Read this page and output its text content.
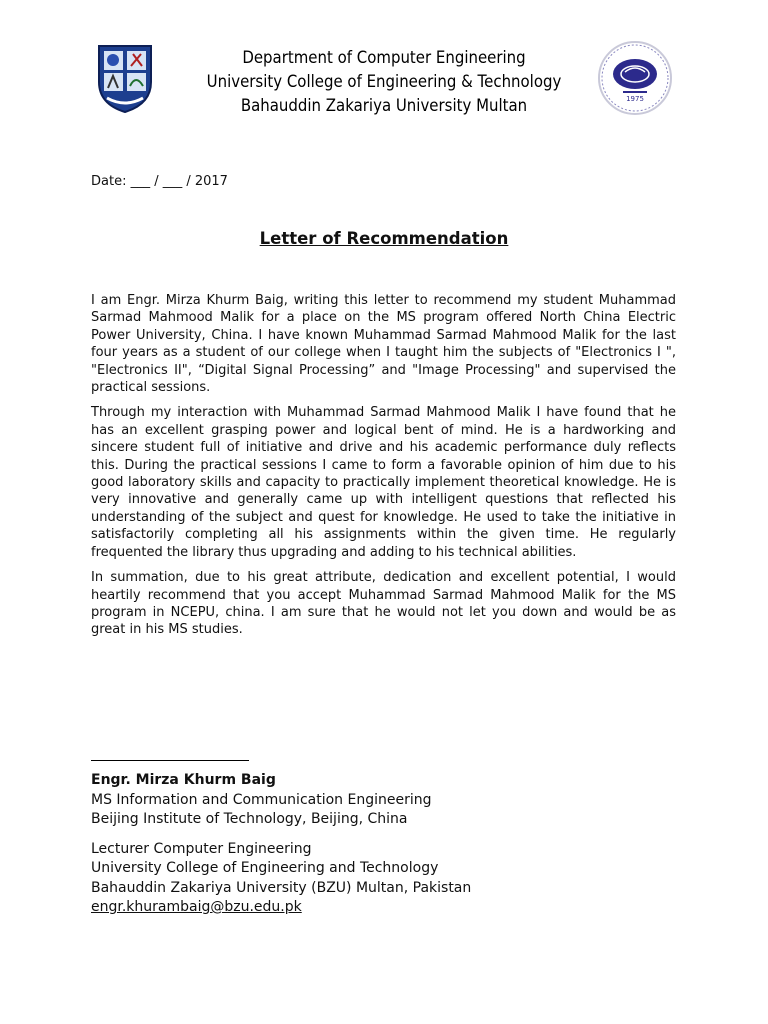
Department of Computer Engineering
University College of Engineering & Technology
Bahauddin Zakariya University Multan	1975
Date: ___ / ___ / 2017
Letter of Recommendation

I am Engr. Mirza Khurm Baig, writing this letter to recommend my student Muhammad Sarmad Mahmood Malik for a place on the MS program offered North China Electric Power University, China. I have known Muhammad Sarmad Mahmood Malik for the last four years as a student of our college when I taught him the subjects of "Electronics I ", "Electronics II", “Digital Signal Processing” and "Image Processing" and supervised the practical sessions.

Through my interaction with Muhammad Sarmad Mahmood Malik I have found that he has an excellent grasping power and logical bent of mind. He is a hardworking and sincere student full of initiative and drive and his academic performance duly reflects this. During the practical sessions I came to form a favorable opinion of him due to his good laboratory skills and capacity to practically implement theoretical knowledge. He is very innovative and generally came up with intelligent questions that reflected his understanding of the subject and quest for knowledge. He used to take the initiative in satisfactorily completing all his assignments within the given time. He regularly frequented the library thus upgrading and adding to his technical abilities.

In summation, due to his great attribute, dedication and excellent potential, I would heartily recommend that you accept Muhammad Sarmad Mahmood Malik for the MS program in NCEPU, china. I am sure that he would not let you down and would be as great in his MS studies.

Engr. Mirza Khurm Baig
MS Information and Communication Engineering
Beijing Institute of Technology, Beijing, China
Lecturer Computer Engineering
University College of Engineering and Technology
Bahauddin Zakariya University (BZU) Multan, Pakistan
engr.khurambaig@bzu.edu.pk
